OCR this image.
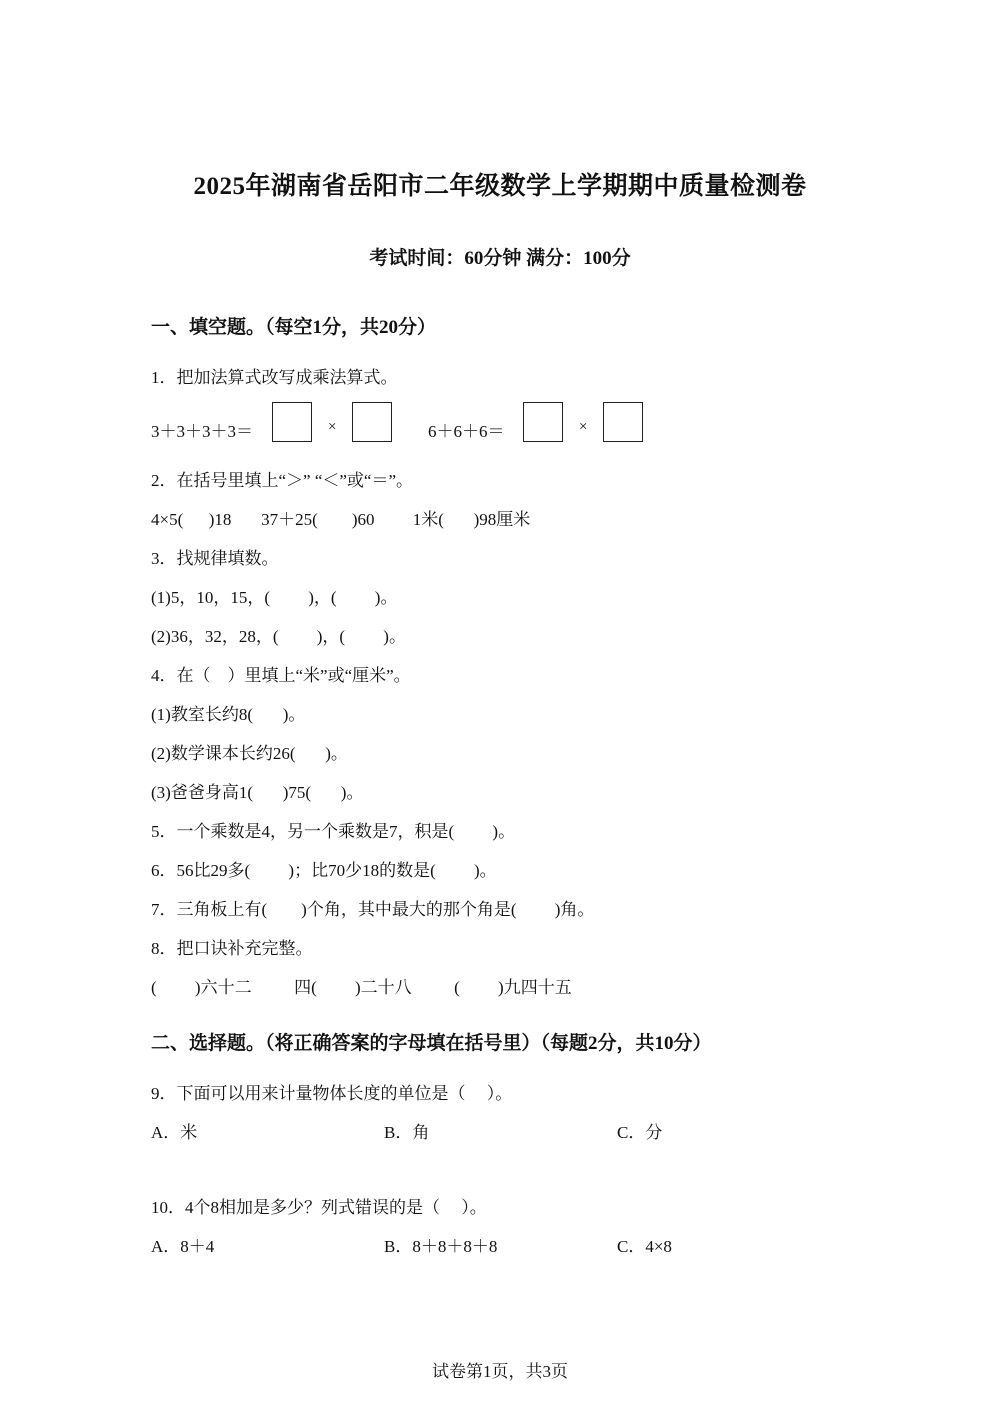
2025年湖南省岳阳市二年级数学上学期期中质量检测卷
考试时间：60分钟 满分：100分
一、填空题。（每空1分，共20分）
1．把加法算式改写成乘法算式。
3＋3＋3＋3＝	×	6＋6＋6＝	×
2．在括号里填上“＞” “＜”或“＝”。
4×5(      )18       37＋25(        )60         1米(       )98厘米
3．找规律填数。
(1)5，10，15，(         )，(         )。
(2)36，32，28，(         )，(         )。
4．在（    ）里填上“米”或“厘米”。
(1)教室长约8(       )。
(2)数学课本长约26(       )。
(3)爸爸身高1(       )75(       )。
5．一个乘数是4，另一个乘数是7，积是(         )。
6．56比29多(         )；比70少18的数是(         )。
7．三角板上有(        )个角，其中最大的那个角是(         )角。
8．把口诀补充完整。
(         )六十二          四(         )二十八          (         )九四十五
二、选择题。（将正确答案的字母填在括号里）（每题2分，共10分）
9．下面可以用来计量物体长度的单位是（     ）。
A．米	B．角	C．分
10．4个8相加是多少？列式错误的是（     ）。
A．8＋4	B．8＋8＋8＋8	C．4×8
试卷第1页，共3页
